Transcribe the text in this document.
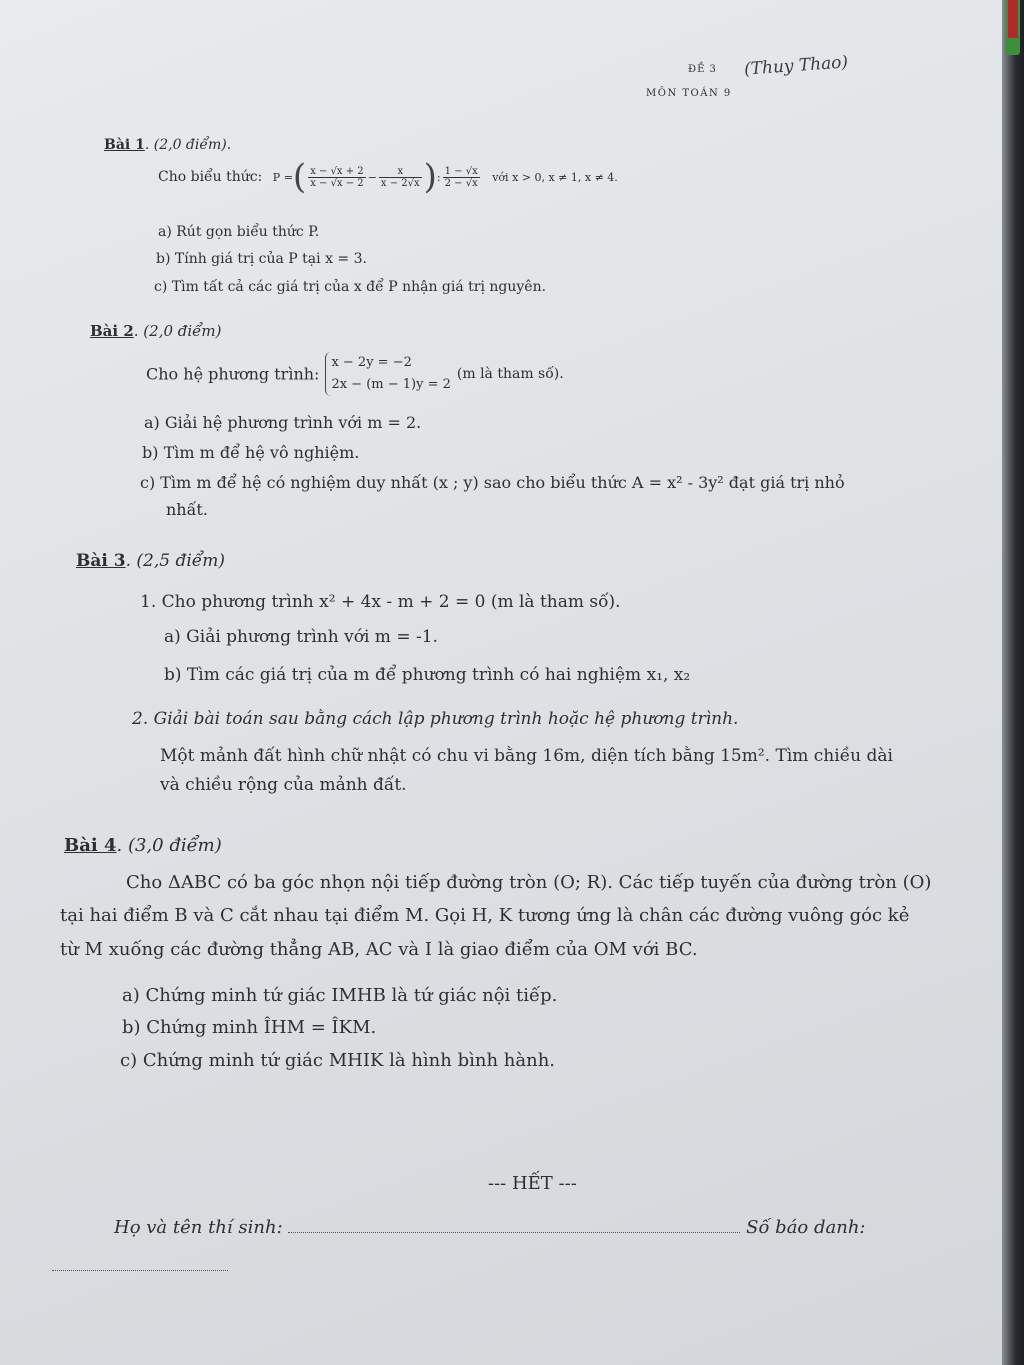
ĐỀ 3 (Thuy Thao)
MÔN TOÁN 9
Bài 1. (2,0 điểm).
Cho biểu thức: P =( $\frac{x - √x + 2}{x - √x - 2} - \frac{x}{x - 2√x}$ ): $\frac{1 - √x}{2 - √x}$ với x > 0, x ≠ 1, x ≠ 4.
a) Rút gọn biểu thức P.
b) Tính giá trị của P tại x = 3.
c) Tìm tất cả các giá trị của x để P nhận giá trị nguyên.
Bài 2. (2,0 điểm)
Cho hệ phương trình:
x − 2y = −2
2x − (m − 1)y = 2
(m là tham số).
a) Giải hệ phương trình với m = 2.
b) Tìm m để hệ vô nghiệm.
c) Tìm m để hệ có nghiệm duy nhất (x ; y) sao cho biểu thức A = x² - 3y² đạt giá trị nhỏ
nhất.
Bài 3. (2,5 điểm)
1. Cho phương trình x² + 4x - m + 2 = 0 (m là tham số).
a) Giải phương trình với m = -1.
b) Tìm các giá trị của m để phương trình có hai nghiệm x₁, x₂
2. Giải bài toán sau bằng cách lập phương trình hoặc hệ phương trình.
Một mảnh đất hình chữ nhật có chu vi bằng 16m, diện tích bằng 15m². Tìm chiều dài
và chiều rộng của mảnh đất.
Bài 4. (3,0 điểm)
Cho ΔABC có ba góc nhọn nội tiếp đường tròn (O; R). Các tiếp tuyến của đường tròn (O)
tại hai điểm B và C cắt nhau tại điểm M. Gọi H, K tương ứng là chân các đường vuông góc kẻ
từ M xuống các đường thẳng AB, AC và I là giao điểm của OM với BC.
a) Chứng minh tứ giác IMHB là tứ giác nội tiếp.
b) Chứng minh ÎHM = ÎKM.
c) Chứng minh tứ giác MHIK là hình bình hành.
--- HẾT ---
Họ và tên thí sinh:	Số báo danh:
